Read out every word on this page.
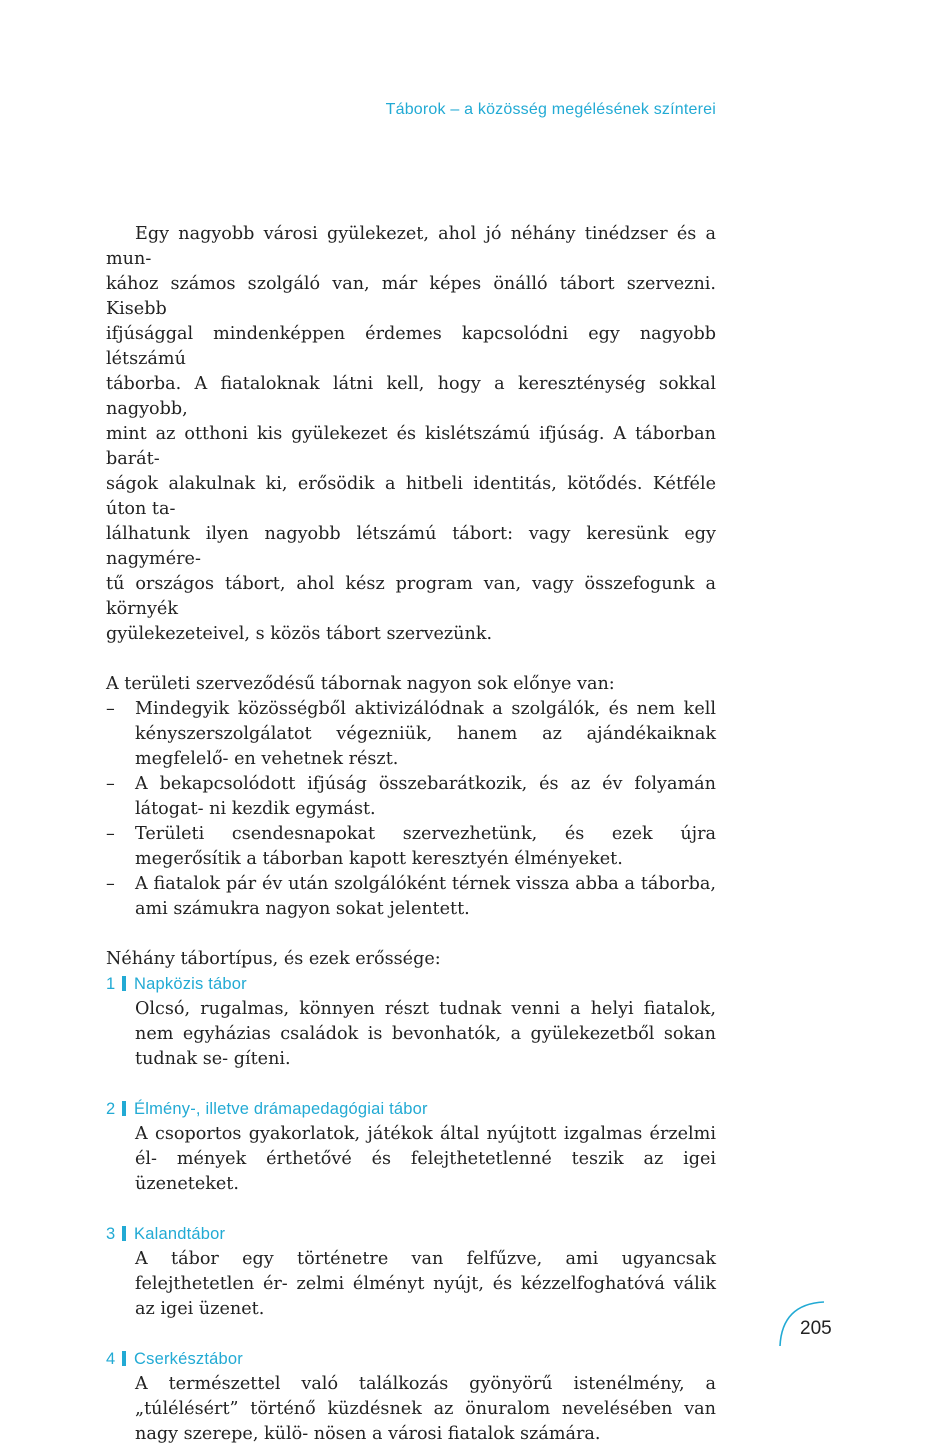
Táborok – a közösség megélésének színterei

Egy nagyobb városi gyülekezet, ahol jó néhány tinédzser és a mun-

kához számos szolgáló van, már képes önálló tábort szervezni. Kisebb

ifjúsággal mindenképpen érdemes kapcsolódni egy nagyobb létszámú

táborba. A fiataloknak látni kell, hogy a kereszténység sokkal nagyobb,

mint az otthoni kis gyülekezet és kislétszámú ifjúság. A táborban barát-

ságok alakulnak ki, erősödik a hitbeli identitás, kötődés. Kétféle úton ta-

lálhatunk ilyen nagyobb létszámú tábort: vagy keresünk egy nagymére-

tű országos tábort, ahol kész program van, vagy összefogunk a környék

gyülekezeteivel, s közös tábort szervezünk.

A területi szerveződésű tábornak nagyon sok előnye van:

– Mindegyik közösségből aktivizálódnak a szolgálók, és nem kell kényszerszolgálatot végezniük, hanem az ajándékaiknak megfelelő- en vehetnek részt.
– A bekapcsolódott ifjúság összebarátkozik, és az év folyamán látogat- ni kezdik egymást.
– Területi csendesnapokat szervezhetünk, és ezek újra megerősítik a táborban kapott keresztyén élményeket.
– A fiatalok pár év után szolgálóként térnek vissza abba a táborba, ami számukra nagyon sokat jelentett.

Néhány tábortípus, és ezek erőssége:

1 Napközis tábor

Olcsó, rugalmas, könnyen részt tudnak venni a helyi fiatalok, nem egyházias családok is bevonhatók, a gyülekezetből sokan tudnak se- gíteni.

2 Élmény-, illetve drámapedagógiai tábor

A csoportos gyakorlatok, játékok által nyújtott izgalmas érzelmi él- mények érthetővé és felejthetetlenné teszik az igei üzeneteket.

3 Kalandtábor

A tábor egy történetre van felfűzve, ami ugyancsak felejthetetlen ér- zelmi élményt nyújt, és kézzelfoghatóvá válik az igei üzenet.

4 Cserkésztábor

A természettel való találkozás gyönyörű istenélmény, a „túlélésért” történő küzdésnek az önuralom nevelésében van nagy szerepe, külö- nösen a városi fiatalok számára.

205
